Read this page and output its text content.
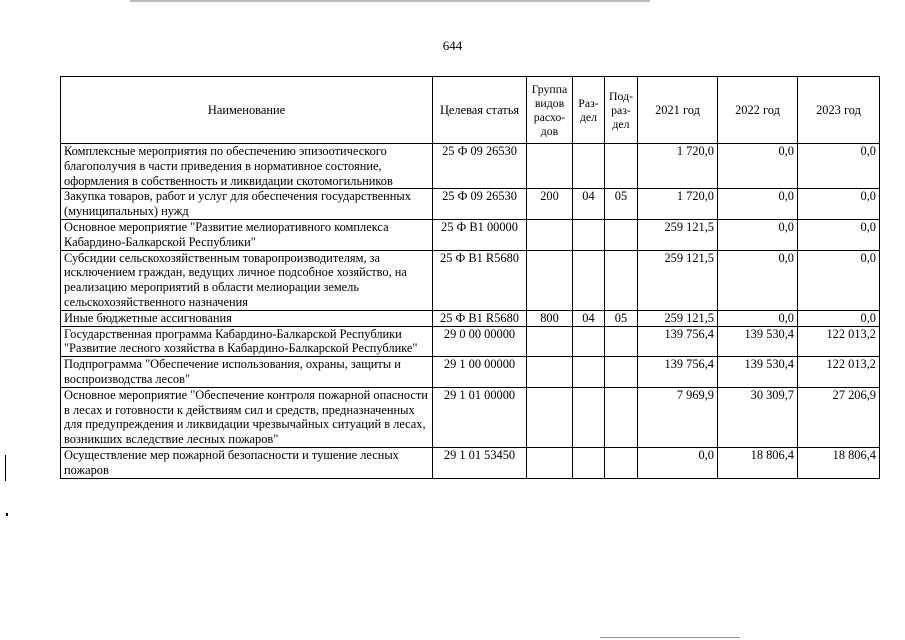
644
Наименование	Целевая статья	Группа видов расхо-дов	Раз-дел	Под-раз-дел	2021 год	2022 год	2023 год
Комплексные мероприятия по обеспечению эпизоотического благополучия в части приведения в нормативное состояние, оформления в собственность и ликвидации скотомогильников	25 Ф 09 26530				1 720,0	0,0	0,0
Закупка товаров, работ и услуг для обеспечения государственных (муниципальных) нужд	25 Ф 09 26530	200	04	05	1 720,0	0,0	0,0
Основное мероприятие "Развитие мелиоративного комплекса Кабардино-Балкарской Республики"	25 Ф В1 00000				259 121,5	0,0	0,0
Субсидии сельскохозяйственным товаропроизводителям, за исключением граждан, ведущих личное подсобное хозяйство, на реализацию мероприятий в области мелиорации земель сельскохозяйственного назначения	25 Ф В1 R5680				259 121,5	0,0	0,0
Иные бюджетные ассигнования	25 Ф В1 R5680	800	04	05	259 121,5	0,0	0,0
Государственная программа Кабардино-Балкарской Республики "Развитие лесного хозяйства в Кабардино-Балкарской Республике"	29 0 00 00000				139 756,4	139 530,4	122 013,2
Подпрограмма "Обеспечение использования, охраны, защиты и воспроизводства лесов"	29 1 00 00000				139 756,4	139 530,4	122 013,2
Основное мероприятие "Обеспечение контроля пожарной опасности в лесах и готовности к действиям сил и средств, предназначенных для предупреждения и ликвидации чрезвычайных ситуаций в лесах, возникших вследствие лесных пожаров"	29 1 01 00000				7 969,9	30 309,7	27 206,9
Осуществление мер пожарной безопасности и тушение лесных пожаров	29 1 01 53450				0,0	18 806,4	18 806,4
